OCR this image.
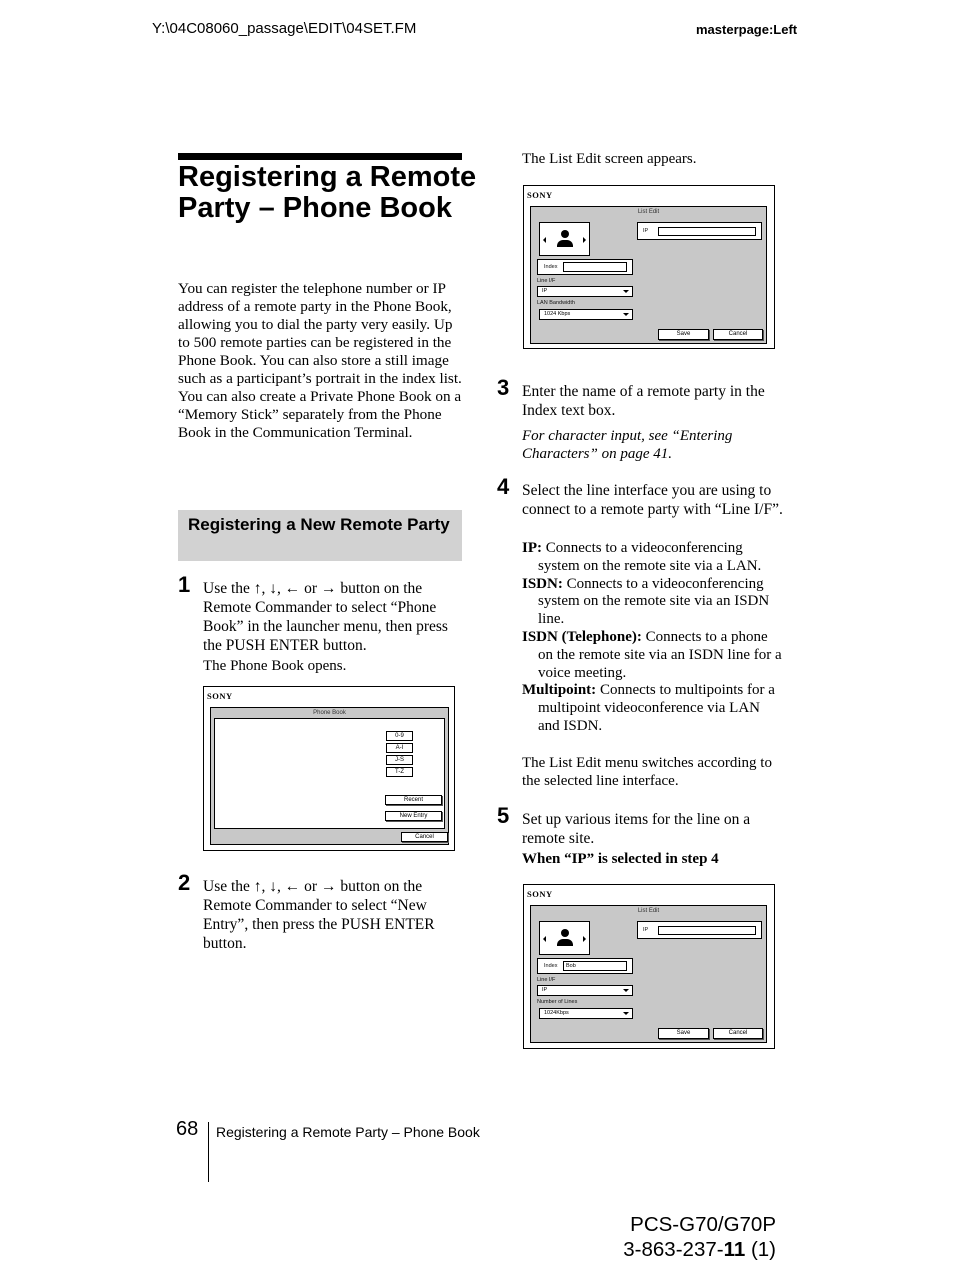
Y:\04C08060_passage\EDIT\04SET.FM	masterpage:Left
Registering a Remote Party – Phone Book

You can register the telephone number or IP address of a remote party in the Phone Book, allowing you to dial the party very easily. Up to 500 remote parties can be registered in the Phone Book. You can also store a still image such as a participant’s portrait in the index list.

You can also create a Private Phone Book on a “Memory Stick” separately from the Phone Book in the Communication Terminal.

Registering a New Remote Party
1 Use the ↑, ↓, ← or → button on the Remote Commander to select “Phone Book” in the launcher menu, then press the PUSH ENTER button.
The Phone Book opens.
SONY
Phone Book
0-9
A-I
J-S
T-Z
Recent
New Entry
Cancel
2 Use the ↑, ↓, ← or → button on the Remote Commander to select “New Entry”, then press the PUSH ENTER button.
The List Edit screen appears.
SONY
List Edit
IP
Index
Line I/F
IP
LAN Bandwidth
1024 Kbps
Save	Cancel
3 Enter the name of a remote party in the Index text box.
For character input, see “Entering Characters” on page 41.
4 Select the line interface you are using to connect to a remote party with “Line I/F”.
IP: Connects to a videoconferencing system on the remote site via a LAN.
ISDN: Connects to a videoconferencing system on the remote site via an ISDN line.
ISDN (Telephone): Connects to a phone on the remote site via an ISDN line for a voice meeting.
Multipoint: Connects to multipoints for a multipoint videoconference via LAN and ISDN.
The List Edit menu switches according to the selected line interface.
5 Set up various items for the line on a remote site.
When “IP” is selected in step 4
SONY
List Edit
IP
Index	Bob
Line I/F
IP
Number of Lines
1024Kbps
Save	Cancel
68 Registering a Remote Party – Phone Book
PCS-G70/G70P
3-863-237-11 (1)
